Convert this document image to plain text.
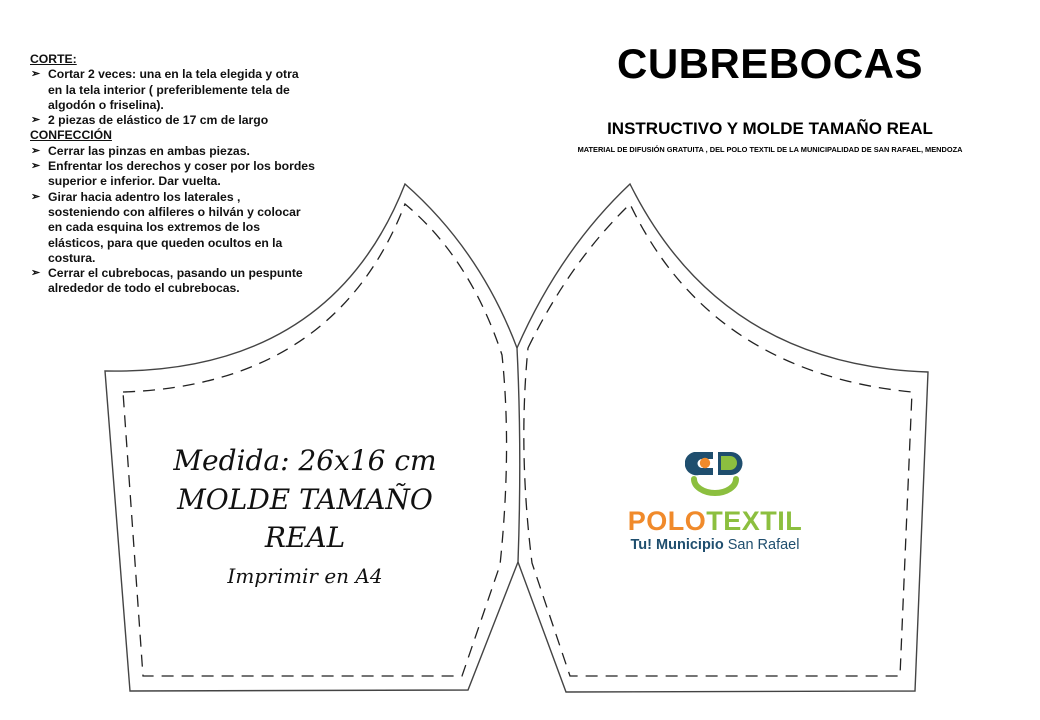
CORTE:
➢ Cortar 2 veces: una en la tela elegida y otra en la tela interior ( preferiblemente tela de algodón o friselina).
➢ 2 piezas de elástico de 17 cm de largo
CONFECCIÓN
➢ Cerrar las pinzas en ambas piezas.
➢ Enfrentar los derechos y coser por los bordes superior e inferior. Dar vuelta.
➢ Girar hacia adentro los laterales , sosteniendo con alfileres o hilván y colocar en cada esquina los extremos de los elásticos, para que queden ocultos en la costura.
➢ Cerrar el cubrebocas, pasando un pespunte alrededor de todo el cubrebocas.
CUBREBOCAS
INSTRUCTIVO Y MOLDE TAMAÑO REAL
MATERIAL DE DIFUSIÓN GRATUITA , DEL POLO TEXTIL DE LA MUNICIPALIDAD DE SAN RAFAEL, MENDOZA
Medida: 26x16 cm
MOLDE TAMAÑO REAL
Imprimir en A4
POLOTEXTIL
Tu! Municipio San Rafael
